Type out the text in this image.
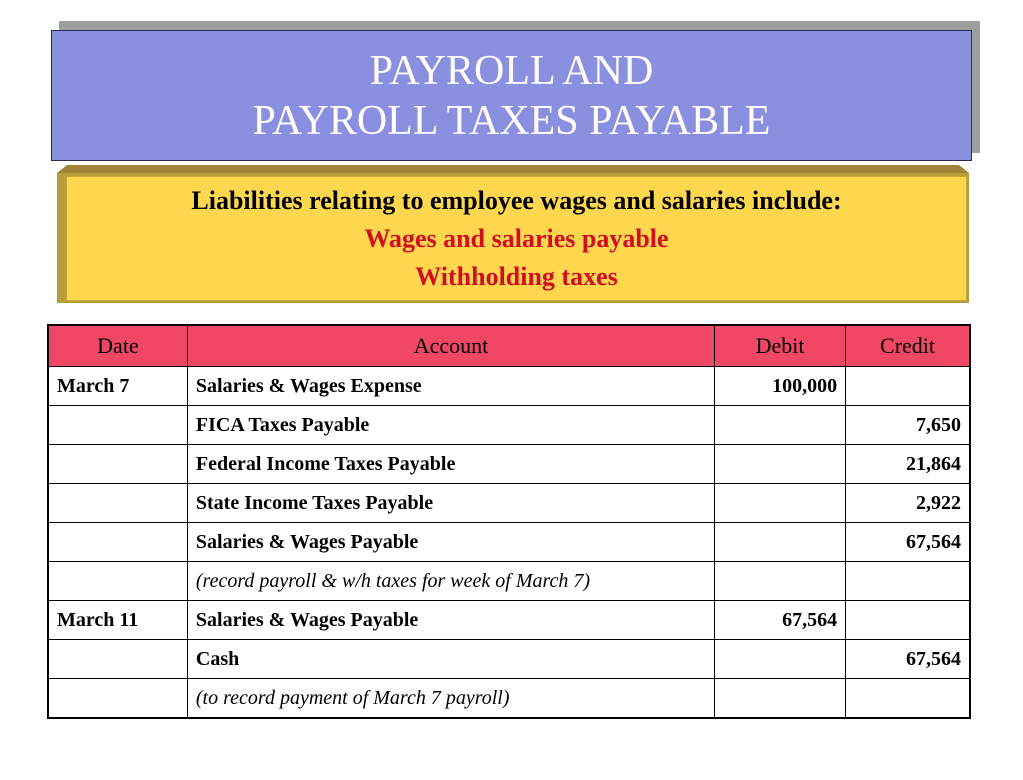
PAYROLL AND
PAYROLL TAXES PAYABLE
Liabilities relating to employee wages and salaries include:
Wages and salaries payable
Withholding taxes
Date	Account	Debit	Credit
March 7	Salaries & Wages Expense	100,000	
	FICA Taxes Payable		7,650
	Federal Income Taxes Payable		21,864
	State Income Taxes Payable		2,922
	Salaries & Wages Payable		67,564
	(record payroll & w/h taxes for week of March 7)		
March 11	Salaries & Wages Payable	67,564	
	Cash		67,564
	(to record payment of March 7 payroll)		
